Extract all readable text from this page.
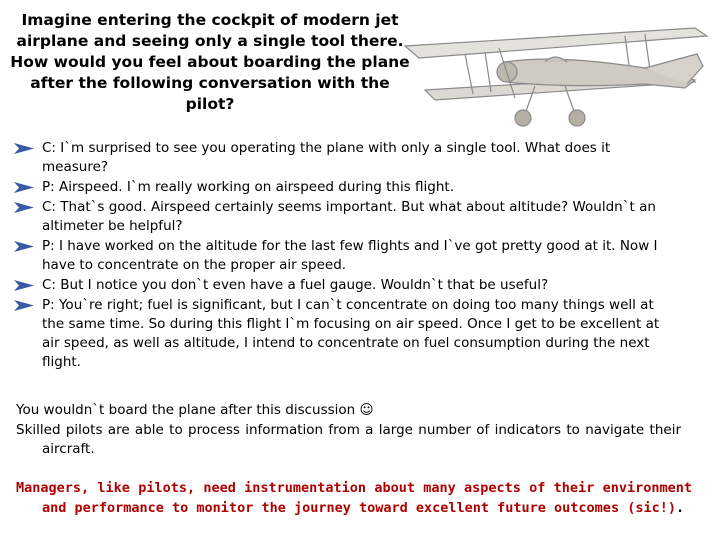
Imagine entering the cockpit of modern jet airplane and seeing only a single tool there. How would you feel about boarding the plane after the following conversation with the pilot?
C: I`m surprised to see you operating the plane with only a single tool. What does it measure?
P: Airspeed. I`m really working on airspeed during this flight.
C: That`s good. Airspeed certainly seems important. But what about altitude? Wouldn`t an altimeter be helpful?
P: I have worked on the altitude for the last few flights and I`ve got pretty good at it. Now I have to concentrate on the proper air speed.
C: But I notice you don`t even have a fuel gauge. Wouldn`t that be useful?
P: You`re right; fuel is significant, but I can`t concentrate on doing too many things well at the same time. So during this flight I`m focusing on air speed. Once I get to be excellent at air speed, as well as altitude, I intend to concentrate on fuel consumption during the next flight.

You wouldn`t board the plane after this discussion ☺

Skilled pilots are able to process information from a large number of indicators to navigate their aircraft.

Managers, like pilots, need instrumentation about many aspects of their environment and performance to monitor the journey toward excellent future outcomes (sic!).
